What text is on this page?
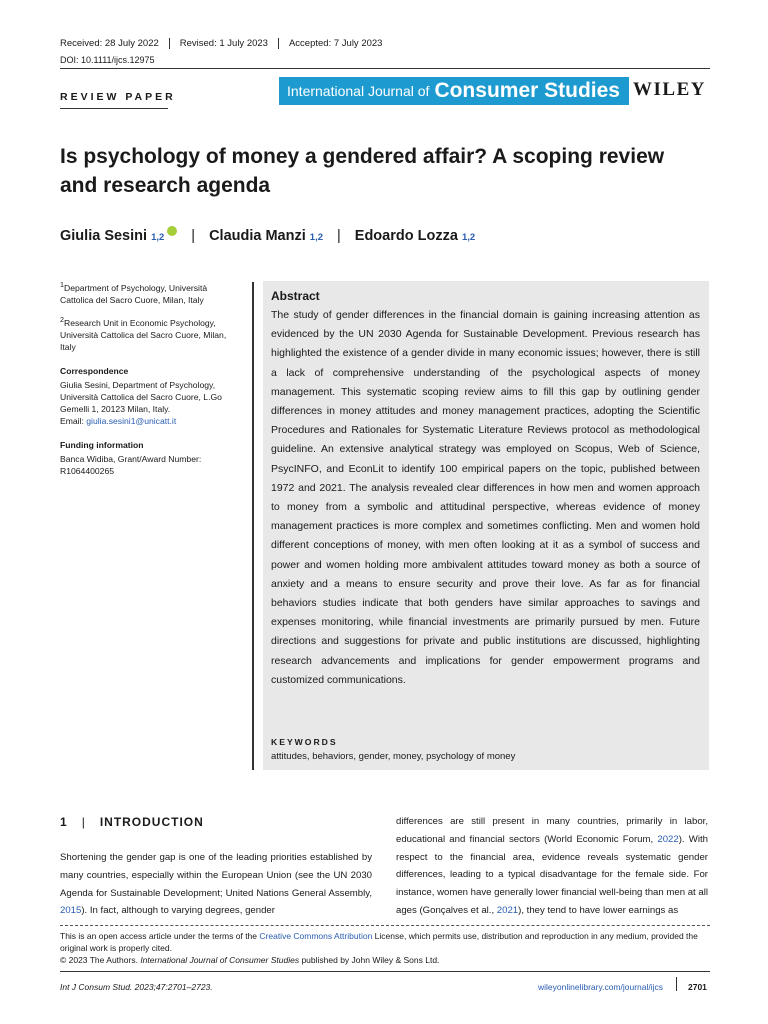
Received: 28 July 2022	Revised: 1 July 2023	Accepted: 7 July 2023
DOI: 10.1111/ijcs.12975
REVIEW PAPER	International Journal of Consumer Studies WILEY
Is psychology of money a gendered affair? A scoping review and research agenda
Giulia Sesini
1,2 | Claudia Manzi
1,2 | Edoardo Lozza
1,2

$^1$Department of Psychology, Università Cattolica del Sacro Cuore, Milan, Italy

$^2$Research Unit in Economic Psychology, Università Cattolica del Sacro Cuore, Milan, Italy

Correspondence
Giulia Sesini, Department of Psychology, Università Cattolica del Sacro Cuore, L.Go Gemelli 1, 20123 Milan, Italy.
Email: giulia.sesini1@unicatt.it
Funding information
Banca Widiba, Grant/Award Number: R1064400265
Abstract
The study of gender differences in the financial domain is gaining increasing attention as evidenced by the UN 2030 Agenda for Sustainable Development. Previous research has highlighted the existence of a gender divide in many economic issues; however, there is still a lack of comprehensive understanding of the psychological aspects of money management. This systematic scoping review aims to fill this gap by outlining gender differences in money attitudes and money management practices, adopting the Scientific Procedures and Rationales for Systematic Literature Reviews protocol as methodological guideline. An extensive analytical strategy was employed on Scopus, Web of Science, PsycINFO, and EconLit to identify 100 empirical papers on the topic, published between 1972 and 2021. The analysis revealed clear differences in how men and women approach to money from a symbolic and attitudinal perspective, whereas evidence of money management practices is more complex and sometimes conflicting. Men and women hold different conceptions of money, with men often looking at it as a symbol of success and power and women holding more ambivalent attitudes toward money as both a source of anxiety and a means to ensure security and prove their love. As far as for financial behaviors studies indicate that both genders have similar approaches to savings and expenses monitoring, while financial investments are primarily pursued by men. Future directions and suggestions for private and public institutions are discussed, highlighting research advancements and implications for gender empowerment programs and customized communications.
KEYWORDS
attitudes, behaviors, gender, money, psychology of money
1 | INTRODUCTION
Shortening the gender gap is one of the leading priorities established by many countries, especially within the European Union (see the UN 2030 Agenda for Sustainable Development; United Nations General Assembly, 2015). In fact, although to varying degrees, gender
differences are still present in many countries, primarily in labor, educational and financial sectors (World Economic Forum, 2022). With respect to the financial area, evidence reveals systematic gender differences, leading to a typical disadvantage for the female side. For instance, women have generally lower financial well-being than men at all ages (Gonçalves et al., 2021), they tend to have lower earnings as

This is an open access article under the terms of the Creative Commons Attribution License, which permits use, distribution and reproduction in any medium, provided the original work is properly cited.

© 2023 The Authors. International Journal of Consumer Studies published by John Wiley & Sons Ltd.

Int J Consum Stud. 2023;47:2701–2723.	wileyonlinelibrary.com/journal/ijcs	2701
